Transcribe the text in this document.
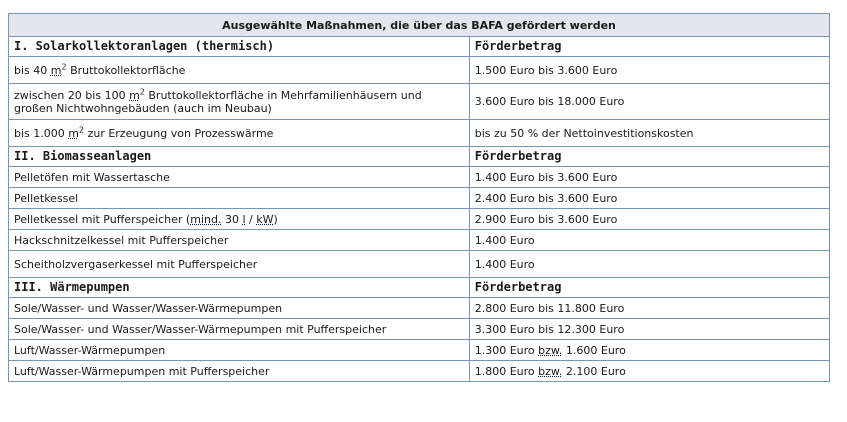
Ausgewählte Maßnahmen, die über das BAFA gefördert werden	
I. Solarkollektoranlagen (thermisch)	Förderbetrag
bis 40 $m^2$ Bruttokollektorfläche	1.500 Euro bis 3.600 Euro
zwischen 20 bis 100 $m^2$ Bruttokollektorfläche in Mehrfamilienhäusern und
großen Nichtwohngebäuden (auch im Neubau)	3.600 Euro bis 18.000 Euro
bis 1.000 $m^2$ zur Erzeugung von Prozesswärme	bis zu 50 % der Nettoinvestitionskosten
II. Biomasseanlagen	Förderbetrag
Pelletöfen mit Wassertasche	1.400 Euro bis 3.600 Euro
Pelletkessel	2.400 Euro bis 3.600 Euro
Pelletkessel mit Pufferspeicher (mind. 30 l / kW)	2.900 Euro bis 3.600 Euro
Hackschnitzelkessel mit Pufferspeicher	1.400 Euro
Scheitholzvergaserkessel mit Pufferspeicher	1.400 Euro
III. Wärmepumpen	Förderbetrag
Sole/Wasser- und Wasser/Wasser-Wärmepumpen	2.800 Euro bis 11.800 Euro
Sole/Wasser- und Wasser/Wasser-Wärmepumpen mit Pufferspeicher	3.300 Euro bis 12.300 Euro
Luft/Wasser-Wärmepumpen	1.300 Euro bzw. 1.600 Euro
Luft/Wasser-Wärmepumpen mit Pufferspeicher	1.800 Euro bzw. 2.100 Euro
